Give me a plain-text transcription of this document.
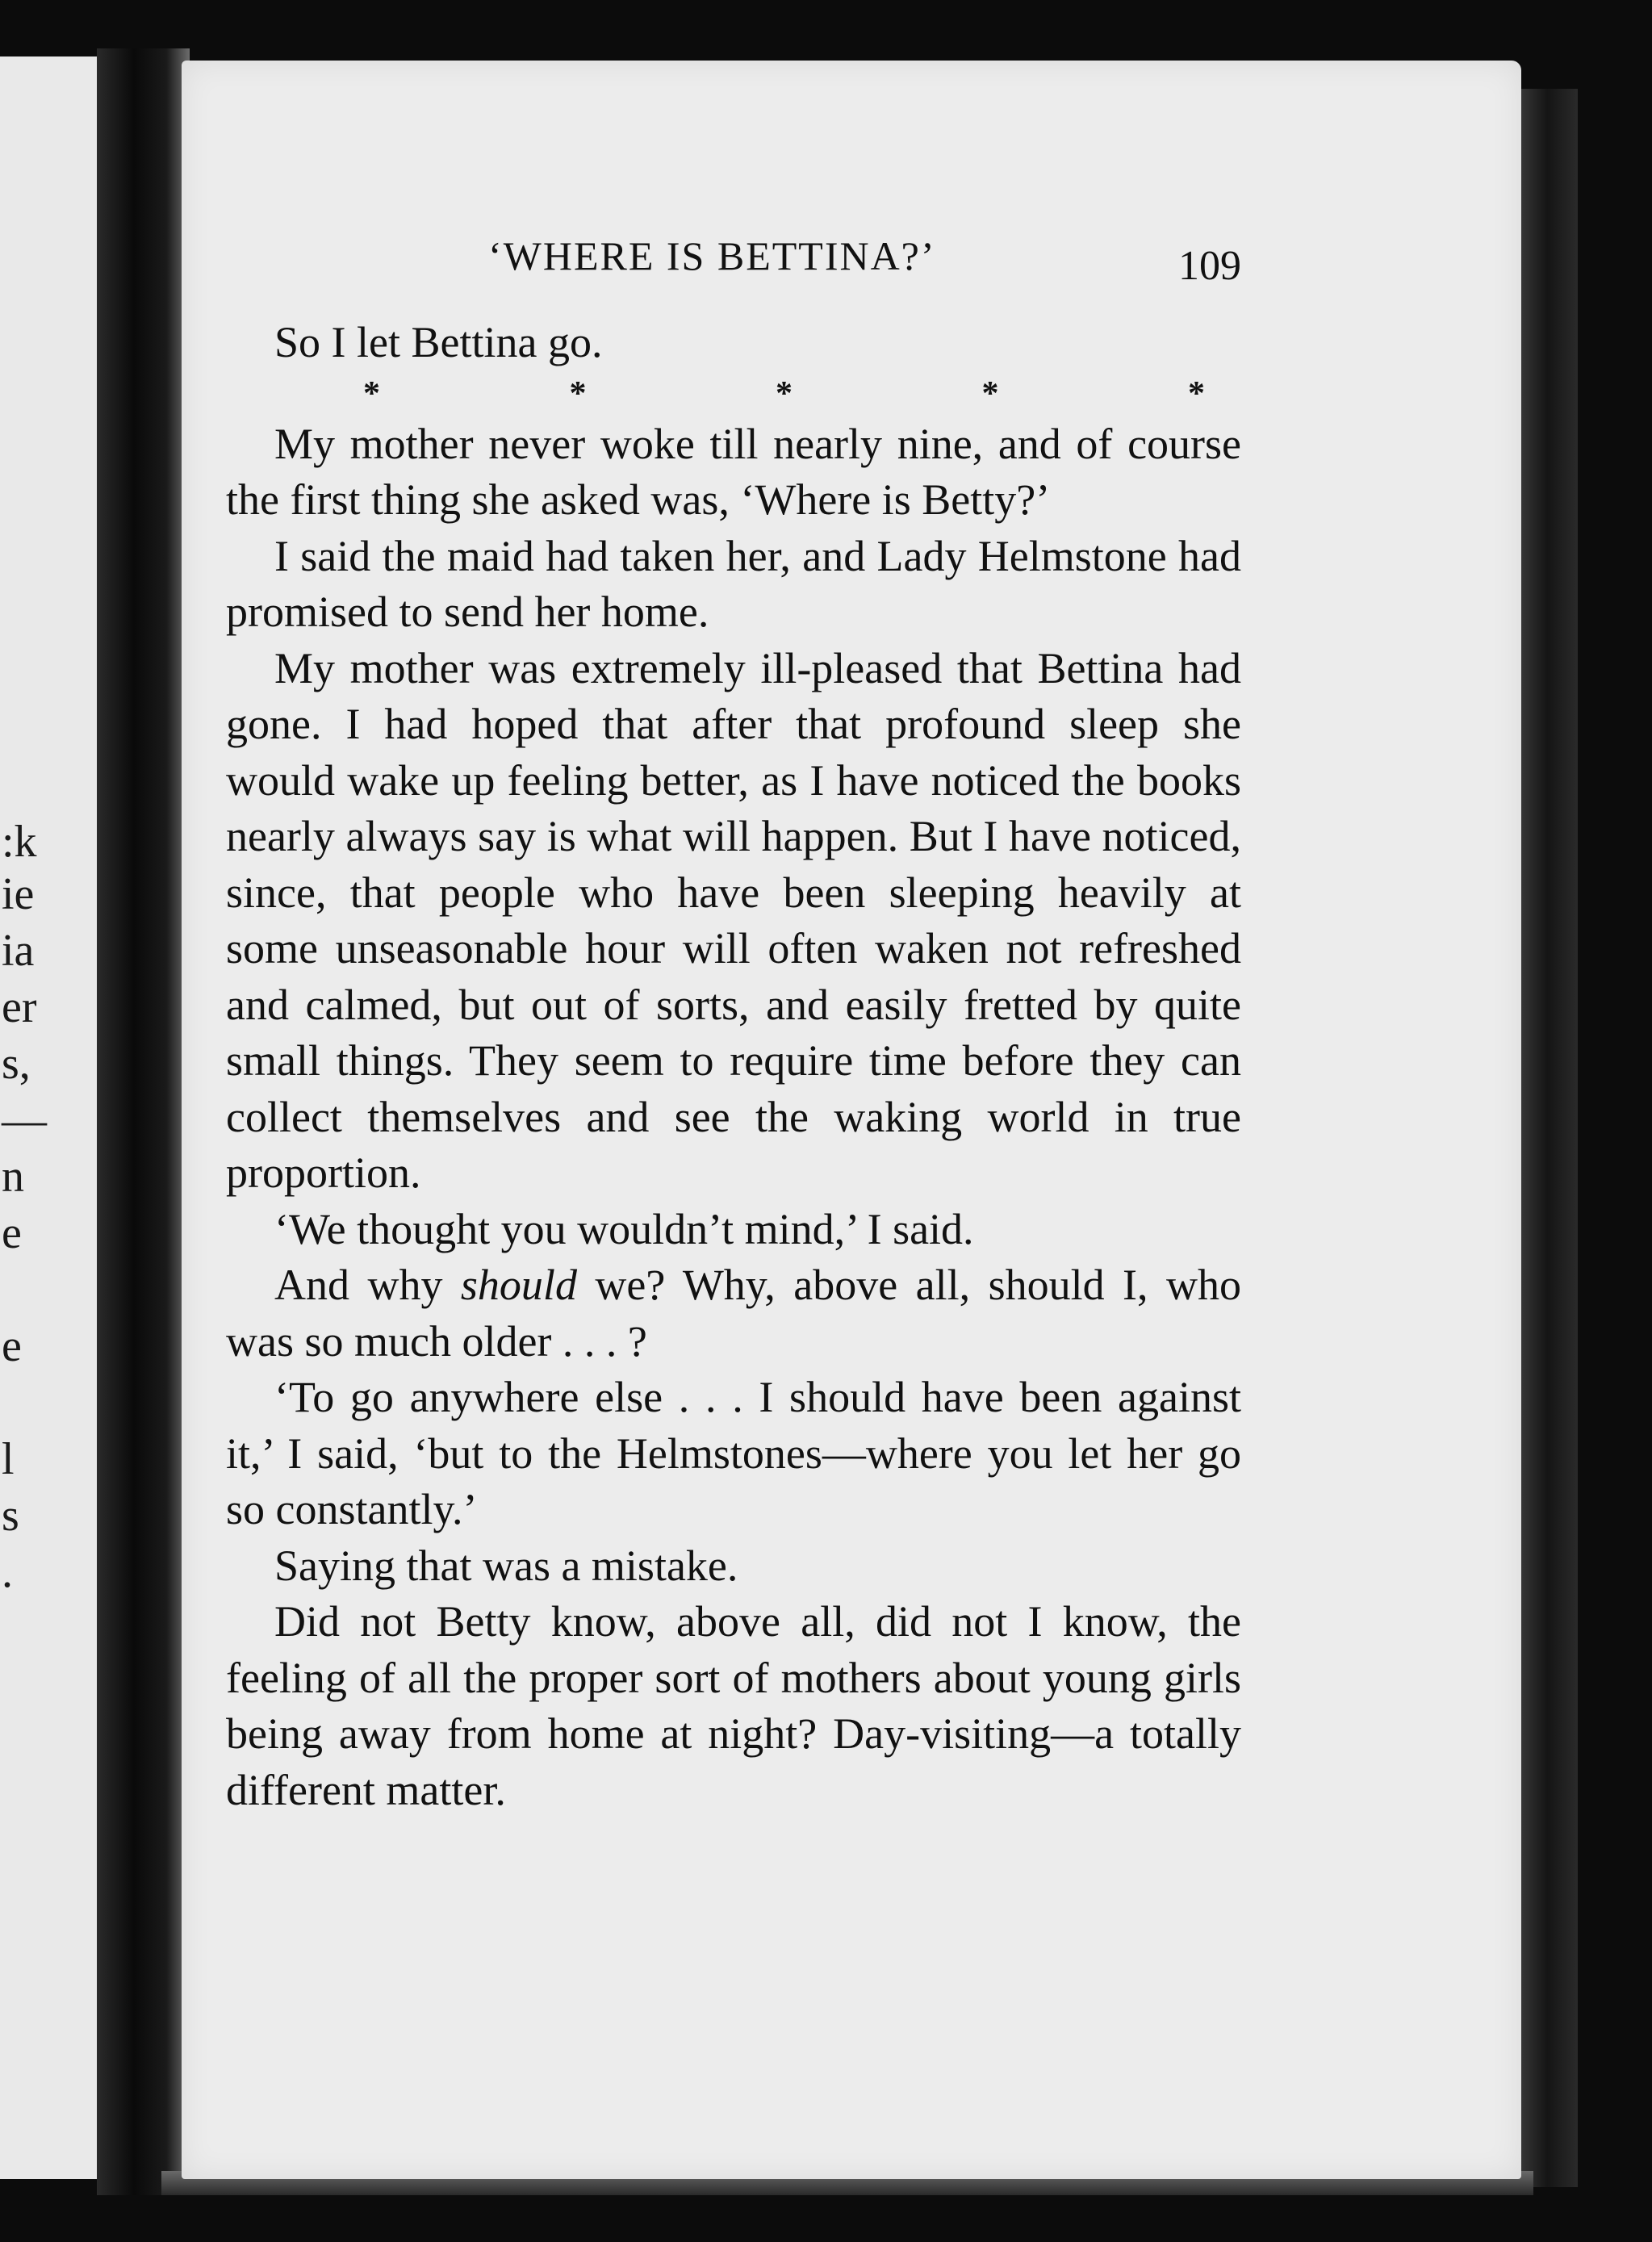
:k
ie
ia
er
s,
—
n
e
e
l
s
.
‘WHERE IS BETTINA?’	109

So I let Bettina go.

*	*	*	*	*

My mother never woke till nearly nine, and of course the first thing she asked was, ‘Where is Betty?’

I said the maid had taken her, and Lady Helmstone had promised to send her home.

My mother was extremely ill-pleased that Bettina had gone. I had hoped that after that profound sleep she would wake up feeling better, as I have noticed the books nearly always say is what will happen. But I have noticed, since, that people who have been sleeping heavily at some unseasonable hour will often waken not refreshed and calmed, but out of sorts, and easily fretted by quite small things. They seem to require time before they can collect themselves and see the waking world in true proportion.

‘We thought you wouldn’t mind,’ I said.

And why should we? Why, above all, should I, who was so much older . . . ?

‘To go anywhere else . . . I should have been against it,’ I said, ‘but to the Helmstones—where you let her go so constantly.’

Saying that was a mistake.

Did not Betty know, above all, did not I know, the feeling of all the proper sort of mothers about young girls being away from home at night? Day-visiting—a totally different matter.
